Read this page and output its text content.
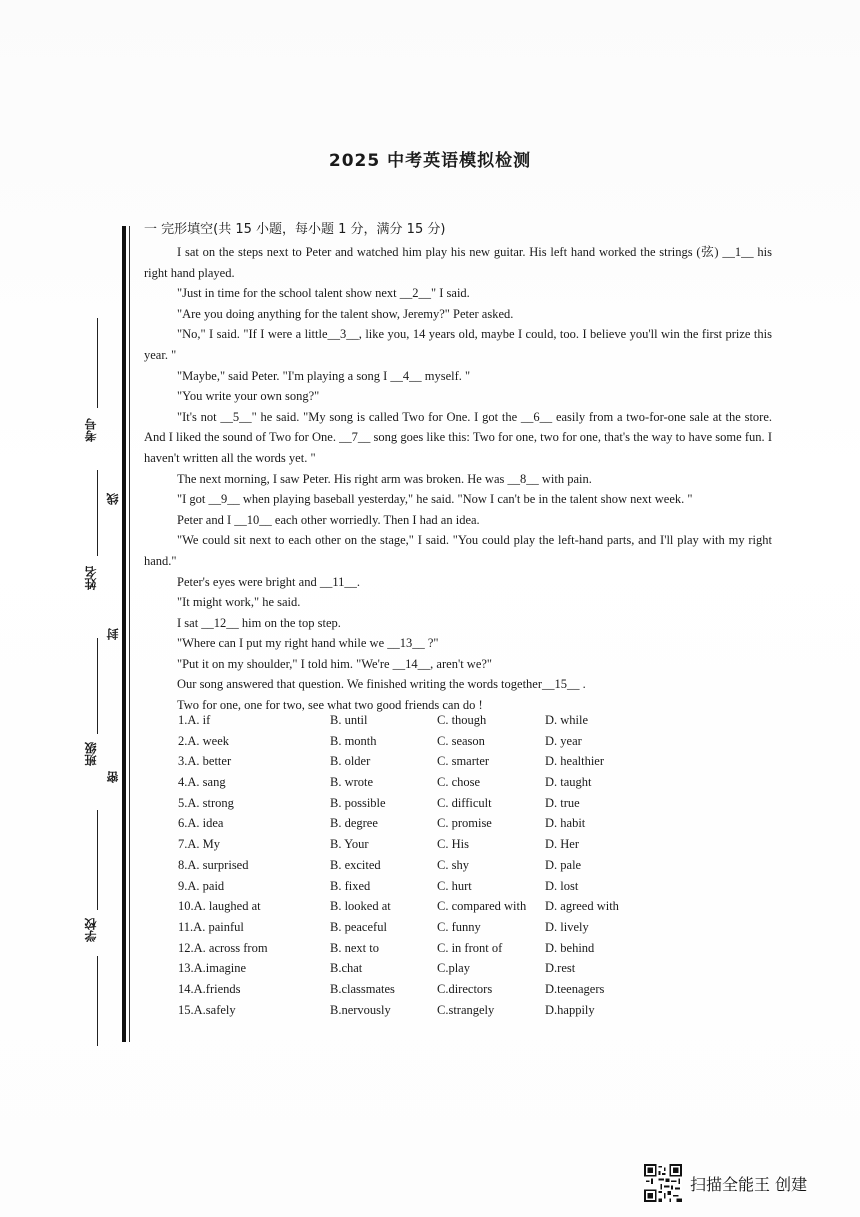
2025 中考英语模拟检测
考号
姓名
班级
学校
线
封
密
一 完形填空(共 15 小题，每小题 1 分，满分 15 分)

I sat on the steps next to Peter and watched him play his new guitar. His left hand worked the strings (弦) __1__ his right hand played.

"Just in time for the school talent show next __2__" I said.

"Are you doing anything for the talent show, Jeremy?" Peter asked.

"No," I said. "If I were a little__3__, like you, 14 years old, maybe I could, too. I believe you'll win the first prize this year. "

"Maybe," said Peter. "I'm playing a song I __4__ myself. "

"You write your own song?"

"It's not __5__" he said. "My song is called Two for One. I got the __6__ easily from a two-for-one sale at the store. And I liked the sound of Two for One. __7__ song goes like this: Two for one, two for one, that's the way to have some fun. I haven't written all the words yet. "

The next morning, I saw Peter. His right arm was broken. He was __8__ with pain.

"I got __9__ when playing baseball yesterday," he said. "Now I can't be in the talent show next week. "

Peter and I __10__ each other worriedly. Then I had an idea.

"We could sit next to each other on the stage," I said. "You could play the left-hand parts, and I'll play with my right hand."

Peter's eyes were bright and __11__.

"It might work," he said.

I sat __12__ him on the top step.

"Where can I put my right hand while we __13__ ?"

"Put it on my shoulder," I told him. "We're __14__, aren't we?"

Our song answered that question. We finished writing the words together__15__ .

Two for one, one for two, see what two good friends can do !

1.A. if	B. until	C. though	D. while
2.A. week	B. month	C. season	D. year
3.A. better	B. older	C. smarter	D. healthier
4.A. sang	B. wrote	C. chose	D. taught
5.A. strong	B. possible	C. difficult	D. true
6.A. idea	B. degree	C. promise	D. habit
7.A. My	B. Your	C. His	D. Her
8.A. surprised	B. excited	C. shy	D. pale
9.A. paid	B. fixed	C. hurt	D. lost
10.A. laughed at	B. looked at	C. compared with D. agreed with
11.A. painful	B. peaceful	C. funny	D. lively
12.A. across from	B. next to	C. in front of	D. behind
13.A.imagine	B.chat	C.play	D.rest
14.A.friends	B.classmates	C.directors	D.teenagers
15.A.safely	B.nervously	C.strangely	D.happily
扫描全能王 创建
